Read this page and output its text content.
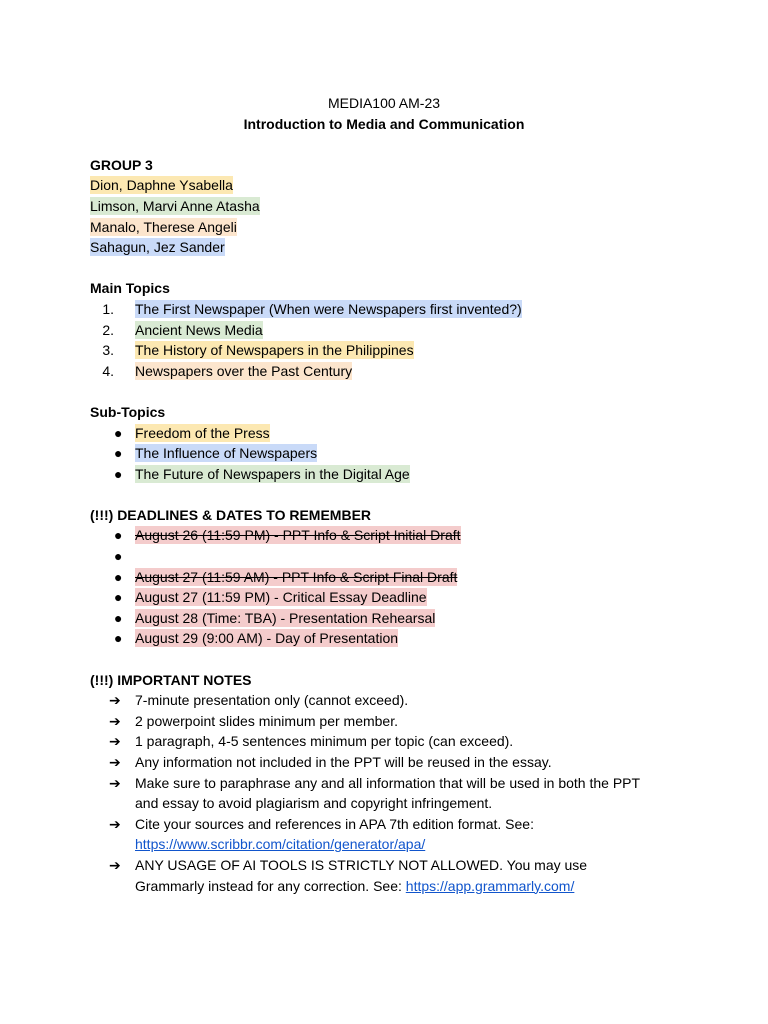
MEDIA100 AM-23
Introduction to Media and Communication
GROUP 3
Dion, Daphne Ysabella
Limson, Marvi Anne Atasha
Manalo, Therese Angeli
Sahagun, Jez Sander
Main Topics
1. The First Newspaper (When were Newspapers first invented?)
2. Ancient News Media
3. The History of Newspapers in the Philippines
4. Newspapers over the Past Century
Sub-Topics
● Freedom of the Press
● The Influence of Newspapers
● The Future of Newspapers in the Digital Age
(!!!) DEADLINES & DATES TO REMEMBER
● August 26 (11:59 PM) - PPT Info & Script Initial Draft
●
● August 27 (11:59 AM) - PPT Info & Script Final Draft
● August 27 (11:59 PM) - Critical Essay Deadline
● August 28 (Time: TBA) - Presentation Rehearsal
● August 29 (9:00 AM) - Day of Presentation
(!!!) IMPORTANT NOTES
➔	7-minute presentation only (cannot exceed).
➔	2 powerpoint slides minimum per member.
➔	1 paragraph, 4-5 sentences minimum per topic (can exceed).
➔	Any information not included in the PPT will be reused in the essay.
➔	Make sure to paraphrase any and all information that will be used in both the PPT and essay to avoid plagiarism and copyright infringement.
➔	Cite your sources and references in APA 7th edition format. See:
https://www.scribbr.com/citation/generator/apa/
➔	ANY USAGE OF AI TOOLS IS STRICTLY NOT ALLOWED. You may use Grammarly instead for any correction. See: https://app.grammarly.com/
